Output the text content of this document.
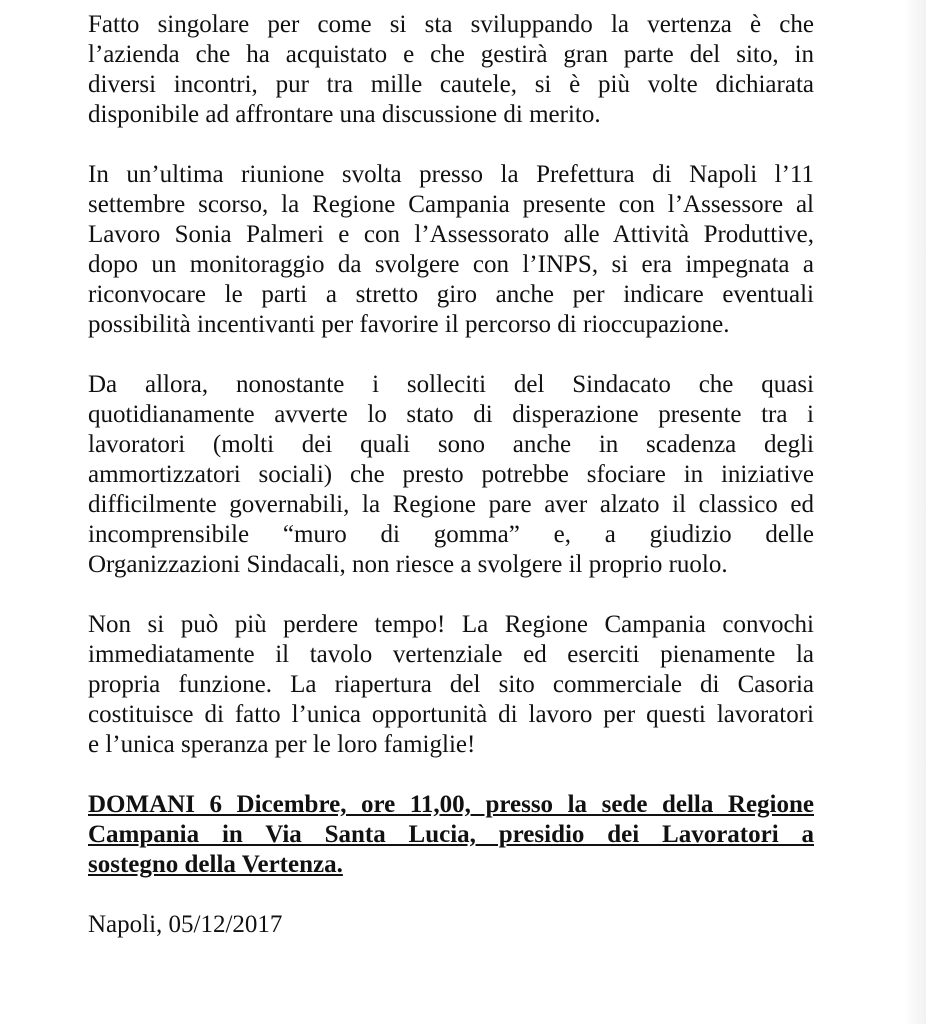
Fatto singolare per come si sta sviluppando la vertenza è che
l’azienda che ha acquistato e che gestirà gran parte del sito, in
diversi incontri, pur tra mille cautele, si è più volte dichiarata
disponibile ad affrontare una discussione di merito.
In un’ultima riunione svolta presso la Prefettura di Napoli l’11
settembre scorso, la Regione Campania presente con l’Assessore al
Lavoro Sonia Palmeri e con l’Assessorato alle Attività Produttive,
dopo un monitoraggio da svolgere con l’INPS, si era impegnata a
riconvocare le parti a stretto giro anche per indicare eventuali
possibilità incentivanti per favorire il percorso di rioccupazione.
Da allora, nonostante i solleciti del Sindacato che quasi
quotidianamente avverte lo stato di disperazione presente tra i
lavoratori (molti dei quali sono anche in scadenza degli
ammortizzatori sociali) che presto potrebbe sfociare in iniziative
difficilmente governabili, la Regione pare aver alzato il classico ed
incomprensibile “muro di gomma” e, a giudizio delle
Organizzazioni Sindacali, non riesce a svolgere il proprio ruolo.
Non si può più perdere tempo! La Regione Campania convochi
immediatamente il tavolo vertenziale ed eserciti pienamente la
propria funzione. La riapertura del sito commerciale di Casoria
costituisce di fatto l’unica opportunità di lavoro per questi lavoratori
e l’unica speranza per le loro famiglie!
DOMANI 6 Dicembre, ore 11,00, presso la sede della Regione
Campania in Via Santa Lucia, presidio dei Lavoratori a
sostegno della Vertenza.
Napoli, 05/12/2017
